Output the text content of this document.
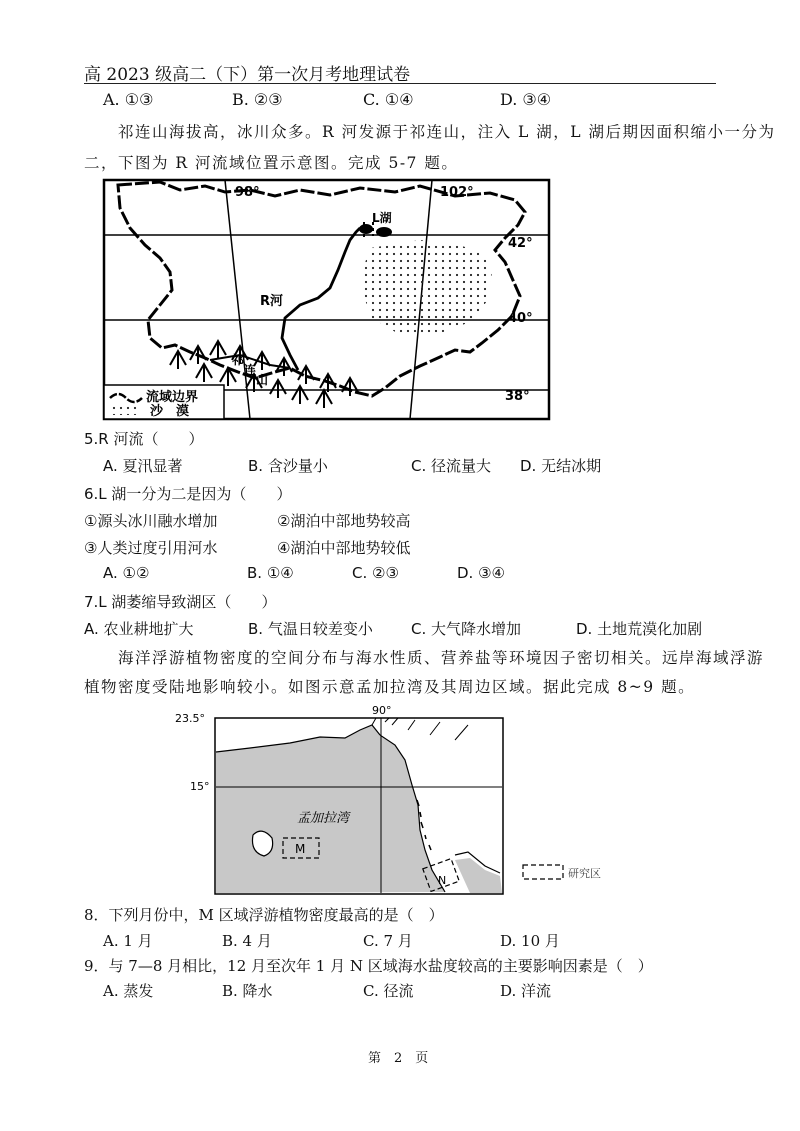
高 2023 级高二（下）第一次月考地理试卷
A. ①③	B. ②③	C. ①④	D. ③④
祁连山海拔高，冰川众多。R 河发源于祁连山，注入 L 湖，L 湖后期因面积缩小一分为
二，下图为 R 河流域位置示意图。完成 5-7 题。
98°	102°
42°
40°
38°
L湖
R河
祁
连
山
流域边界
沙　漠
90°
23.5°
15°
孟加拉湾
M
N
研究区
5.R 河流（　　）
A. 夏汛显著	B. 含沙量小	C. 径流量大 D. 无结冰期
6.L 湖一分为二是因为（　　）
①源头冰川融水增加	②湖泊中部地势较高
③人类过度引用河水	④湖泊中部地势较低
A. ①②	B. ①④	C. ②③	D. ③④
7.L 湖萎缩导致湖区（　　）
A. 农业耕地扩大	B. 气温日较差变小	C. 大气降水增加	D. 土地荒漠化加剧
海洋浮游植物密度的空间分布与海水性质、营养盐等环境因子密切相关。远岸海域浮游
植物密度受陆地影响较小。如图示意孟加拉湾及其周边区域。据此完成 8~9 题。
8．下列月份中，M 区域浮游植物密度最高的是（　）
A. 1 月	B. 4 月	C. 7 月	D. 10 月
9．与 7—8 月相比，12 月至次年 1 月 N 区域海水盐度较高的主要影响因素是（　）
A. 蒸发	B. 降水	C. 径流	D. 洋流
第　2　页
